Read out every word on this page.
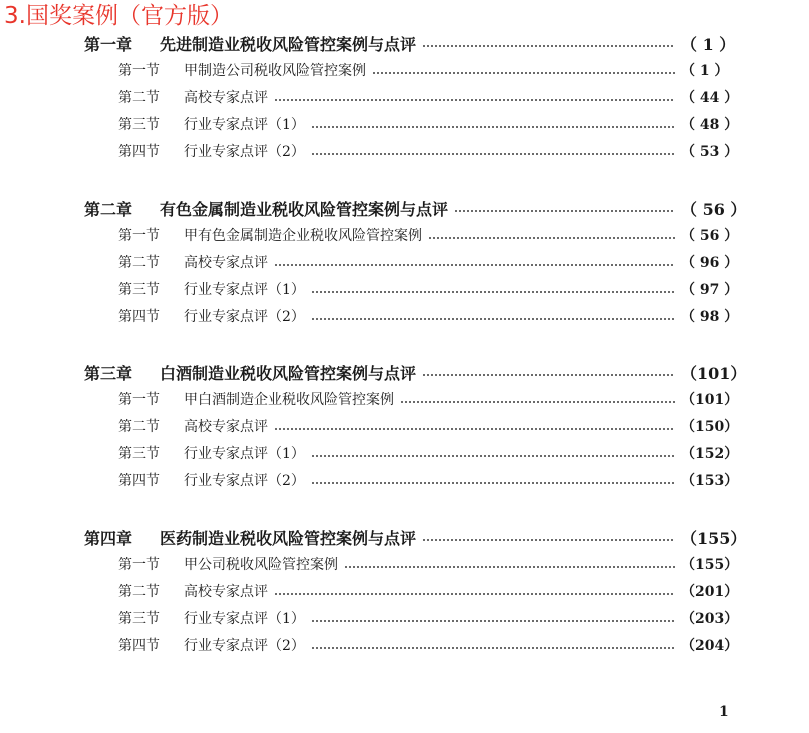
3.国奖案例（官方版）
第一章	先进制造业税收风险管控案例与点评	（ 1 ）
第一节	甲制造公司税收风险管控案例	（ 1 ）
第二节	高校专家点评	（ 44 ）
第三节	行业专家点评（1）	（ 48 ）
第四节	行业专家点评（2）	（ 53 ）
第二章	有色金属制造业税收风险管控案例与点评	（ 56 ）
第一节	甲有色金属制造企业税收风险管控案例	（ 56 ）
第二节	高校专家点评	（ 96 ）
第三节	行业专家点评（1）	（ 97 ）
第四节	行业专家点评（2）	（ 98 ）
第三章	白酒制造业税收风险管控案例与点评	（101）
第一节	甲白酒制造企业税收风险管控案例	（101）
第二节	高校专家点评	（150）
第三节	行业专家点评（1）	（152）
第四节	行业专家点评（2）	（153）
第四章	医药制造业税收风险管控案例与点评	（155）
第一节	甲公司税收风险管控案例	（155）
第二节	高校专家点评	（201）
第三节	行业专家点评（1）	（203）
第四节	行业专家点评（2）	（204）
1
